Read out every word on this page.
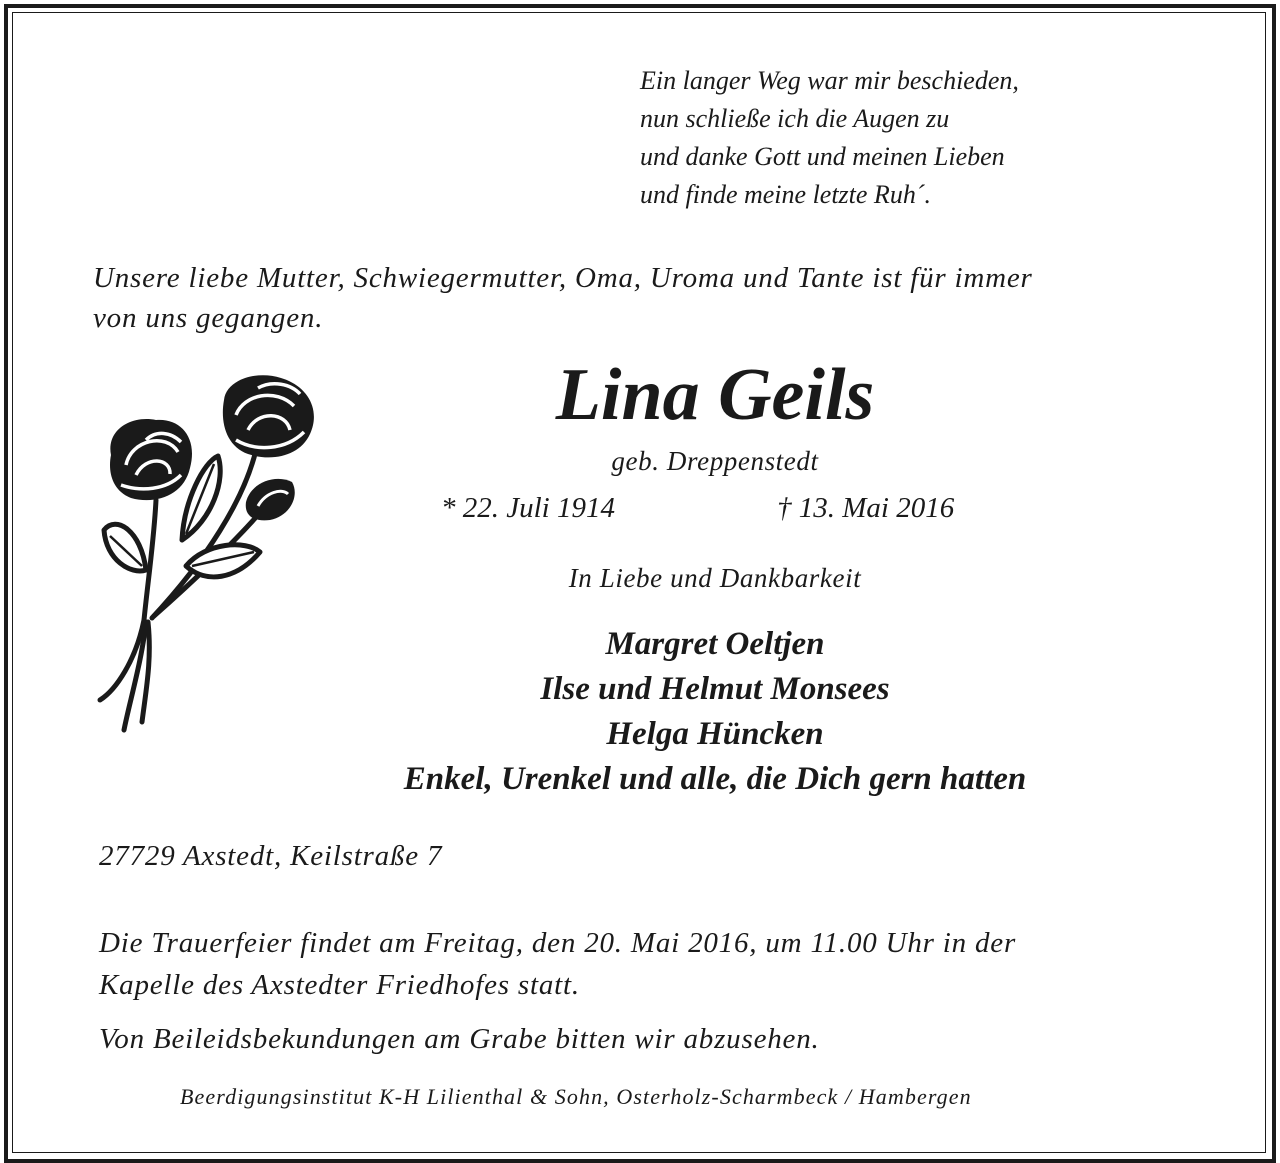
Ein langer Weg war mir beschieden,
nun schließe ich die Augen zu
und danke Gott und meinen Lieben
und finde meine letzte Ruh´.
Unsere liebe Mutter, Schwiegermutter, Oma, Uroma und Tante ist für immer
von uns gegangen.
Lina Geils
geb. Dreppenstedt
* 22. Juli 1914	† 13. Mai 2016
In Liebe und Dankbarkeit
Margret Oeltjen
Ilse und Helmut Monsees
Helga Hüncken
Enkel, Urenkel und alle, die Dich gern hatten
27729 Axstedt, Keilstraße 7
Die Trauerfeier findet am Freitag, den 20. Mai 2016, um 11.00 Uhr in der
Kapelle des Axstedter Friedhofes statt.
Von Beileidsbekundungen am Grabe bitten wir abzusehen.
Beerdigungsinstitut K-H Lilienthal & Sohn, Osterholz-Scharmbeck / Hambergen
